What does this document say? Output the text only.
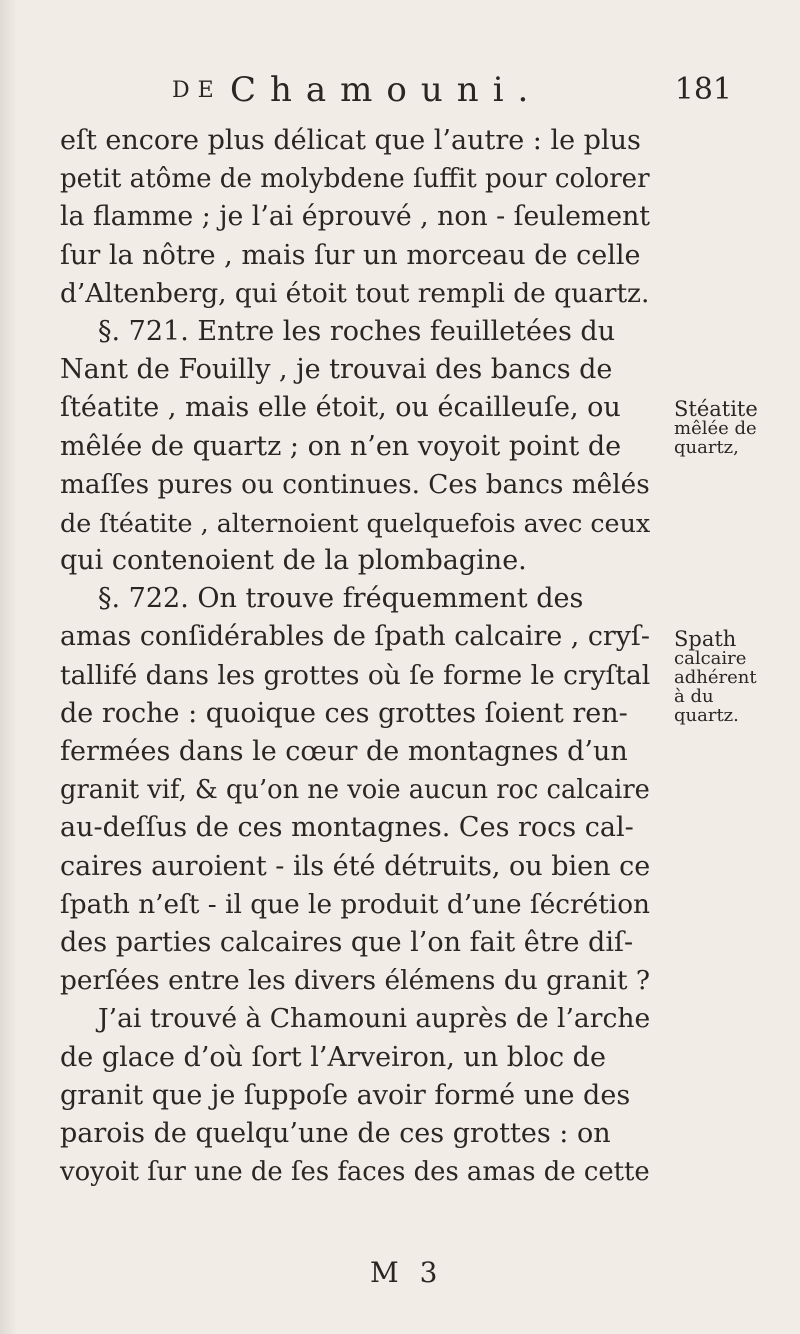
DE Chamouni.	181
eſt encore plus délicat que l’autre : le plus
petit atôme de molybdene ſuffit pour colorer
la flamme ; je l’ai éprouvé , non - ſeulement
ſur la nôtre , mais ſur un morceau de celle
d’Altenberg, qui étoit tout rempli de quartz.
§. 721. Entre les roches feuilletées du
Nant de Fouilly , je trouvai des bancs de
ſtéatite , mais elle étoit, ou écailleuſe, ou
mêlée de quartz ; on n’en voyoit point de
maſſes pures ou continues. Ces bancs mêlés
de ſtéatite , alternoient quelquefois avec ceux
qui contenoient de la plombagine.
§. 722. On trouve fréquemment des
amas conſidérables de ſpath calcaire , cryſ-
tallifé dans les grottes où ſe forme le cryſtal
de roche : quoique ces grottes ſoient ren-
fermées dans le cœur de montagnes d’un
granit vif, & qu’on ne voie aucun roc calcaire
au-deſſus de ces montagnes. Ces rocs cal-
caires auroient - ils été détruits, ou bien ce
ſpath n’eſt - il que le produit d’une ſécrétion
des parties calcaires que l’on fait être diſ-
perſées entre les divers élémens du granit ?
J’ai trouvé à Chamouni auprès de l’arche
de glace d’où ſort l’Arveiron, un bloc de
granit que je ſuppoſe avoir formé une des
parois de quelqu’une de ces grottes : on
voyoit ſur une de ſes faces des amas de cette
Stéatite
mêlée de
quartz,
Spath
calcaire
adhérent
à du
quartz.
M 3
